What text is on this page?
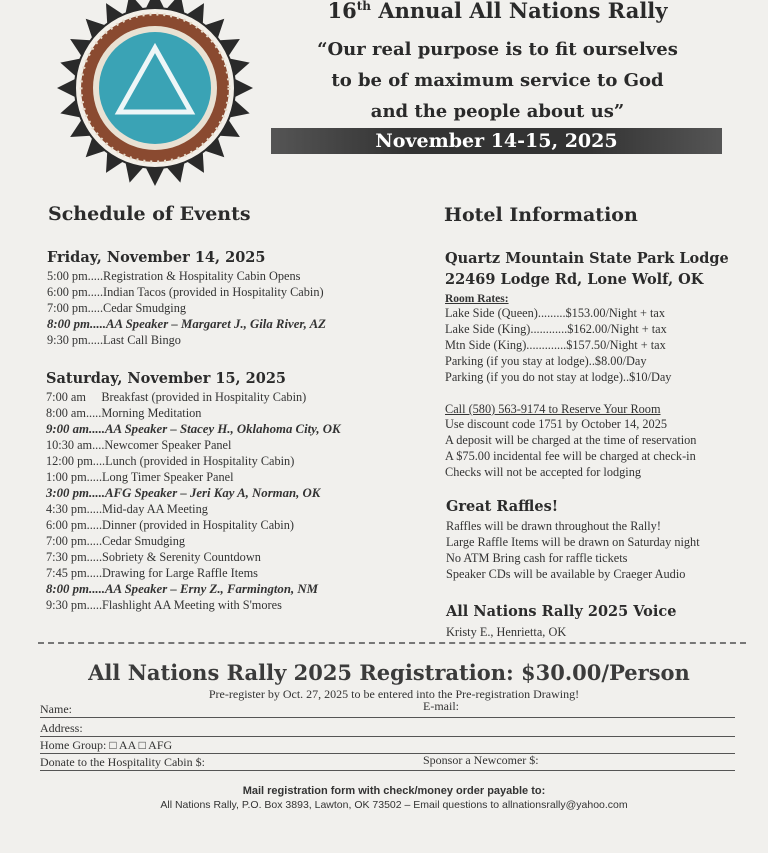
16th Annual All Nations Rally
“Our real purpose is to fit ourselves
to be of maximum service to God
and the people about us”
November 14-15, 2025
Schedule of Events
Friday, November 14, 2025
5:00 pm.....Registration & Hospitality Cabin Opens
6:00 pm.....Indian Tacos (provided in Hospitality Cabin)
7:00 pm.....Cedar Smudging
8:00 pm.....AA Speaker – Margaret J., Gila River, AZ
9:30 pm.....Last Call Bingo
Saturday, November 15, 2025
7:00 am     Breakfast (provided in Hospitality Cabin)
8:00 am.....Morning Meditation
9:00 am.....AA Speaker – Stacey H., Oklahoma City, OK
10:30 am....Newcomer Speaker Panel
12:00 pm....Lunch (provided in Hospitality Cabin)
1:00 pm.....Long Timer Speaker Panel
3:00 pm.....AFG Speaker – Jeri Kay A, Norman, OK
4:30 pm.....Mid-day AA Meeting
6:00 pm.....Dinner (provided in Hospitality Cabin)
7:00 pm.....Cedar Smudging
7:30 pm.....Sobriety & Serenity Countdown
7:45 pm.....Drawing for Large Raffle Items
8:00 pm.....AA Speaker – Erny Z., Farmington, NM
9:30 pm.....Flashlight AA Meeting with S'mores
Hotel Information
Quartz Mountain State Park Lodge
22469 Lodge Rd, Lone Wolf, OK
Room Rates:
Lake Side (Queen).........$153.00/Night + tax
Lake Side (King)............$162.00/Night + tax
Mtn Side (King).............$157.50/Night + tax
Parking (if you stay at lodge)..$8.00/Day
Parking (if you do not stay at lodge)..$10/Day
Call (580) 563-9174 to Reserve Your Room
Use discount code 1751 by October 14, 2025
A deposit will be charged at the time of reservation
A $75.00 incidental fee will be charged at check-in
Checks will not be accepted for lodging
Great Raffles!
Raffles will be drawn throughout the Rally!
Large Raffle Items will be drawn on Saturday night
No ATM Bring cash for raffle tickets
Speaker CDs will be available by Craeger Audio
All Nations Rally 2025 Voice
Kristy E., Henrietta, OK
All Nations Rally 2025 Registration: $30.00/Person
Pre-register by Oct. 27, 2025 to be entered into the Pre-registration Drawing!
Name:	E-mail:
Address:
Home Group: □ AA □ AFG
Donate to the Hospitality Cabin $:	Sponsor a Newcomer $:
Mail registration form with check/money order payable to:
All Nations Rally, P.O. Box 3893, Lawton, OK 73502 – Email questions to allnationsrally@yahoo.com
